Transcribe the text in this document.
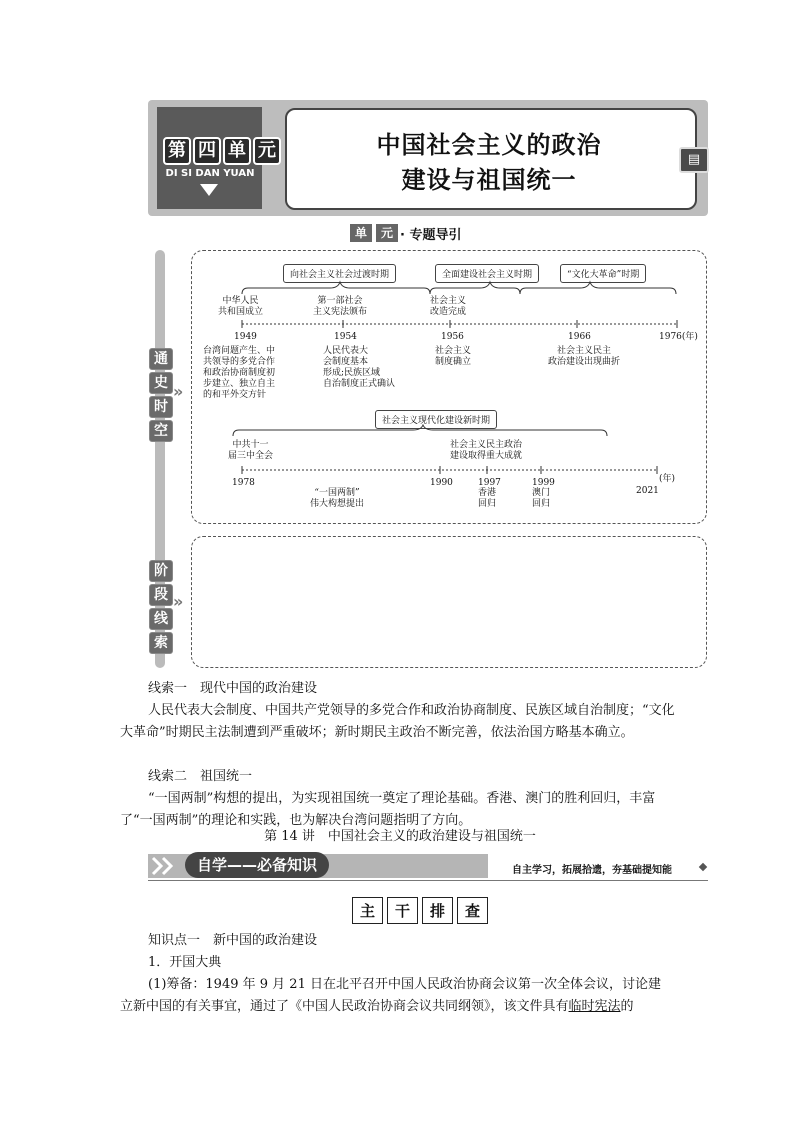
第 四 单 元
DI SI DAN YUAN
中国社会主义的政治
建设与祖国统一
▤
单	元 · 专题导引
通
史
时
空
»
阶
段
线
索
»
向社会主义社会过渡时期	全面建设社会主义时期	“文化大革命”时期
中华人民
共和国成立
第一部社会
主义宪法颁布
社会主义
改造完成
1949	1954	1956	1966	1976(年)
台湾问题产生、中
共领导的多党合作
和政治协商制度初
步建立、独立自主
的和平外交方针
人民代表大
会制度基本
形成;民族区域
自治制度正式确认
社会主义
制度确立
社会主义民主
政治建设出现曲折
社会主义现代化建设新时期
中共十一
届三中全会
社会主义民主政治
建设取得重大成就
1978	1990	1997	1999
2021
(年)
“一国两制”
伟大构想提出
香港
回归
澳门
回归
线索一　现代中国的政治建设
人民代表大会制度、中国共产党领导的多党合作和政治协商制度、民族区域自治制度；“文化大革命”时期民主法制遭到严重破坏；新时期民主政治不断完善，依法治国方略基本确立。
线索二　祖国统一
“一国两制”构想的提出，为实现祖国统一奠定了理论基础。香港、澳门的胜利回归，丰富了“一国两制”的理论和实践，也为解决台湾问题指明了方向。
第 14 讲　中国社会主义的政治建设与祖国统一
自学——必备知识	自主学习，拓展拾遗，夯基础提知能
主 干 排 查
知识点一　新中国的政治建设
1．开国大典
(1)筹备：1949 年 9 月 21 日在北平召开中国人民政治协商会议第一次全体会议，讨论建
立新中国的有关事宜，通过了《中国人民政治协商会议共同纲领》，该文件具有临时宪法的
